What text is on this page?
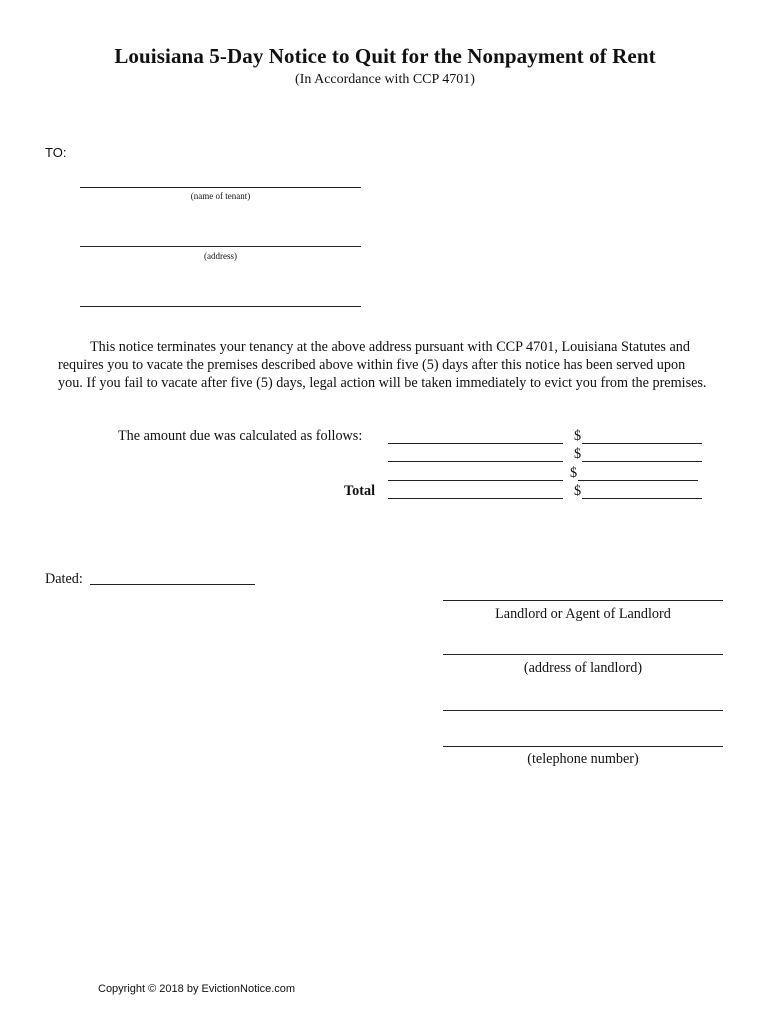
Louisiana 5-Day Notice to Quit for the Nonpayment of Rent
(In Accordance with CCP 4701)
TO:
(name of tenant)
(address)
This notice terminates your tenancy at the above address pursuant with CCP 4701, Louisiana Statutes and requires you to vacate the premises described above within five (5) days after this notice has been served upon you. If you fail to vacate after five (5) days, legal action will be taken immediately to evict you from the premises.
The amount due was calculated as follows:	$
$
$
Total	$
Dated:
Landlord or Agent of Landlord
(address of landlord)
(telephone number)
Copyright © 2018 by EvictionNotice.com
